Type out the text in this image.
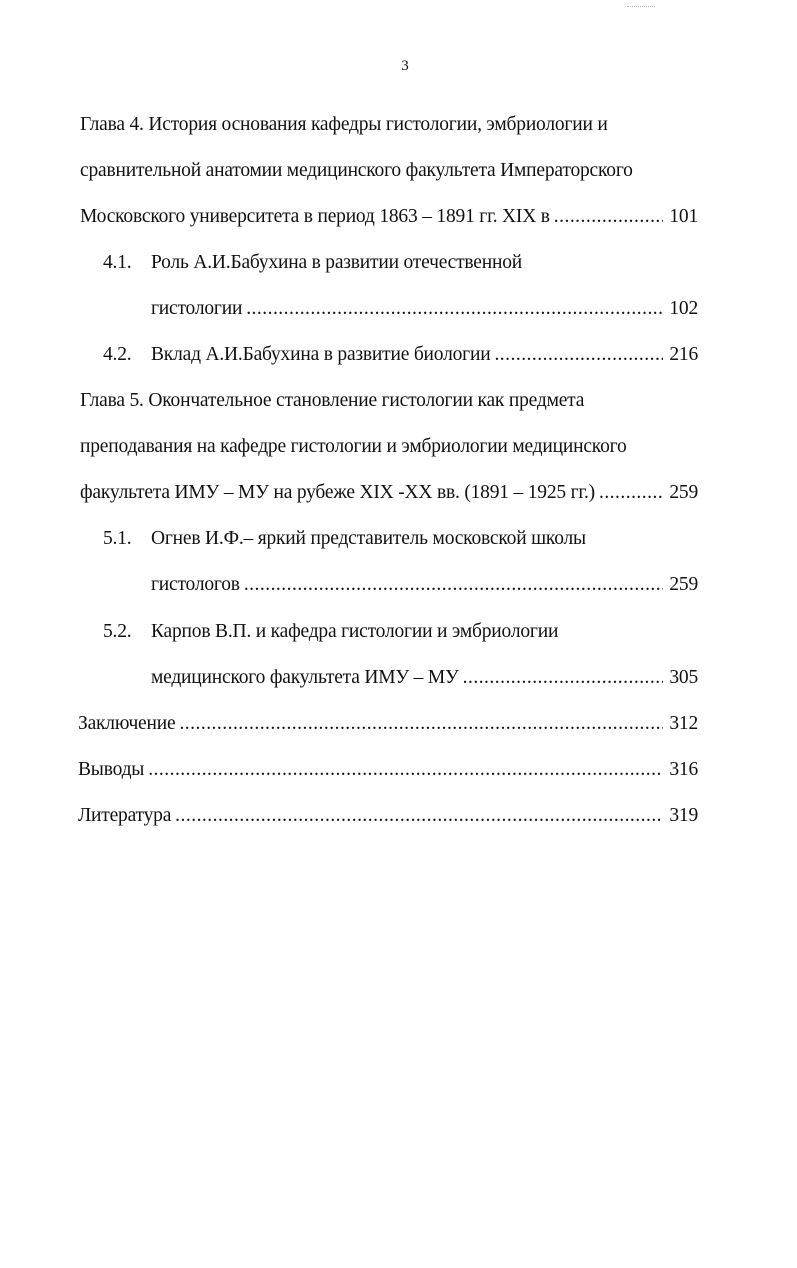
3
Глава 4. История основания кафедры гистологии, эмбриологии и
сравнительной анатомии медицинского факультета Императорского
Московского университета в период 1863 – 1891 гг. XIX в . . .	101
4.1.	Роль А.И.Бабухина в развитии отечественной
гистологии . . .	102
4.2.	Вклад А.И.Бабухина в развитие биологии . . .	216
Глава 5. Окончательное становление гистологии как предмета
преподавания на кафедре гистологии и эмбриологии медицинского
факультета ИМУ – МУ на рубеже XIX -XX вв. (1891 – 1925 гг.) . . .	259
5.1.	Огнев И.Ф.– яркий представитель московской школы
гистологов . . .	259
5.2.	Карпов В.П. и кафедра гистологии и эмбриологии
медицинского факультета ИМУ – МУ . . .	305
Заключение . . .	312
Выводы . . .	316
Литература . . .	319
